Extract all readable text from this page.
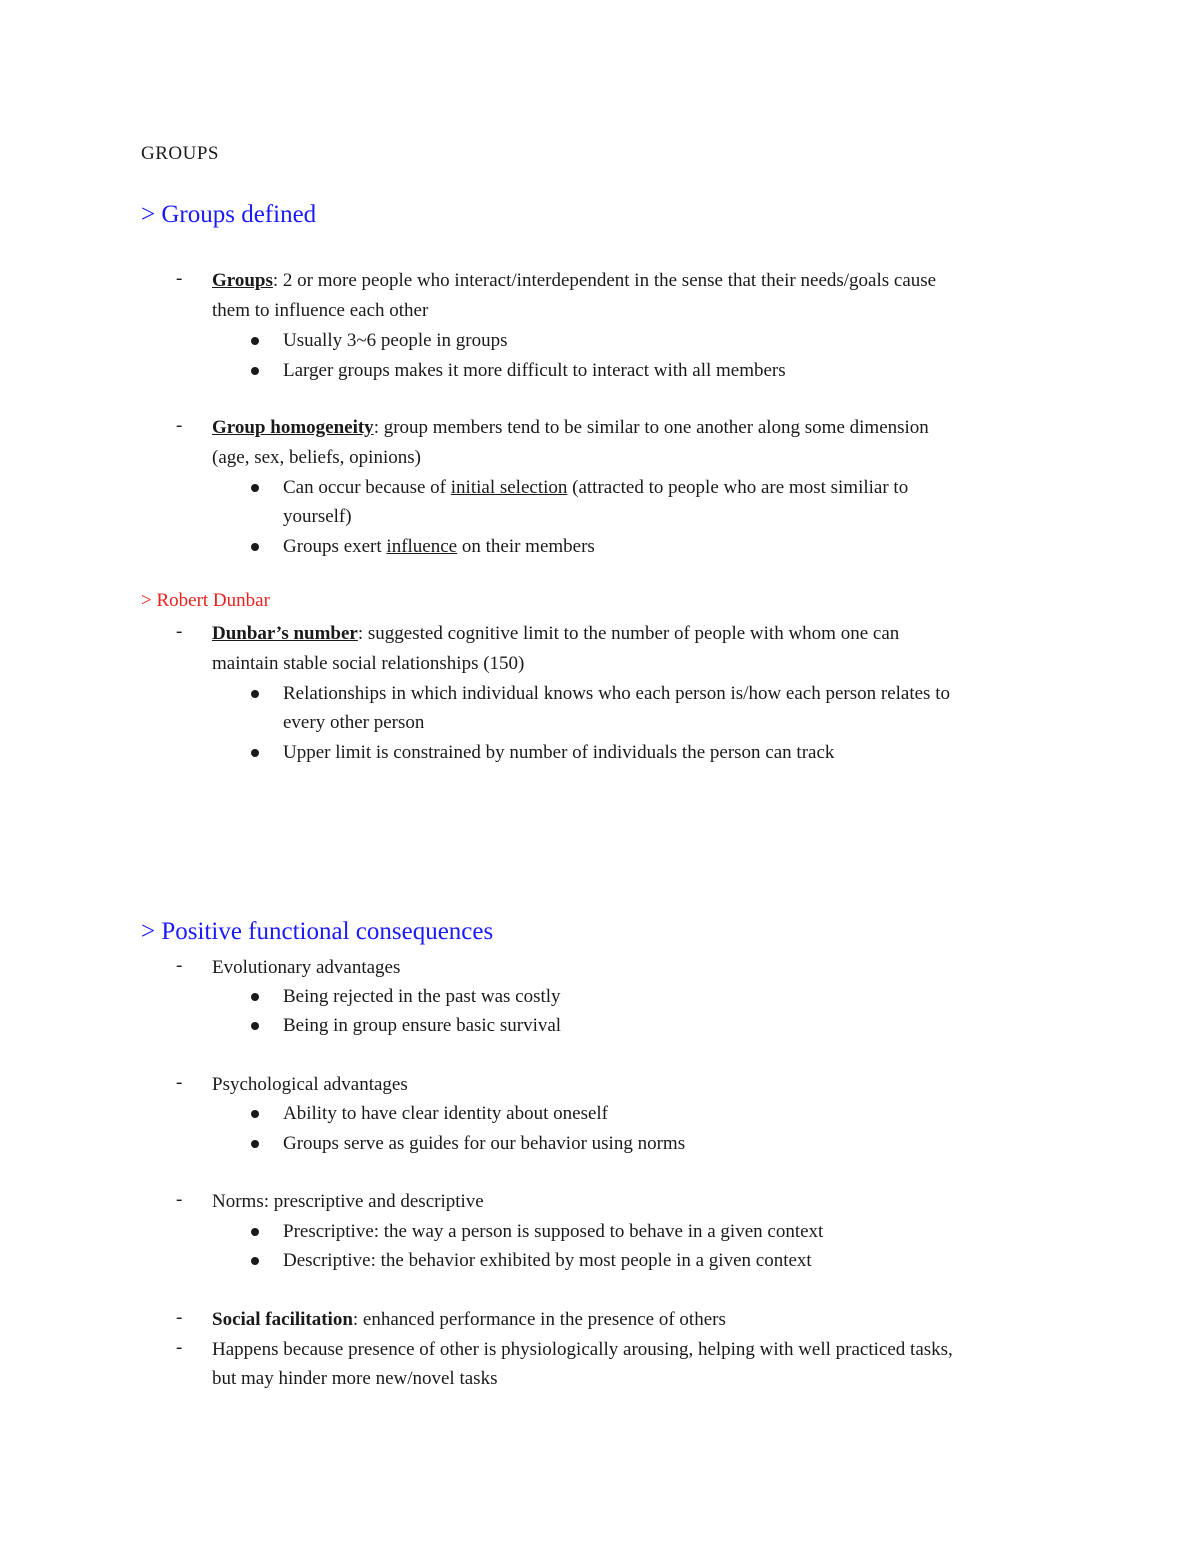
GROUPS
> Groups defined
- Groups: 2 or more people who interact/interdependent in the sense that their needs/goals cause
them to influence each other
Usually 3~6 people in groups
Larger groups makes it more difficult to interact with all members
- Group homogeneity: group members tend to be similar to one another along some dimension
(age, sex, beliefs, opinions)
Can occur because of initial selection (attracted to people who are most similiar to
yourself)
Groups exert influence on their members
> Robert Dunbar
- Dunbar’s number: suggested cognitive limit to the number of people with whom one can
maintain stable social relationships (150)
Relationships in which individual knows who each person is/how each person relates to
every other person
Upper limit is constrained by number of individuals the person can track
> Positive functional consequences
- Evolutionary advantages
Being rejected in the past was costly
Being in group ensure basic survival
- Psychological advantages
Ability to have clear identity about oneself
Groups serve as guides for our behavior using norms
- Norms: prescriptive and descriptive
Prescriptive: the way a person is supposed to behave in a given context
Descriptive: the behavior exhibited by most people in a given context
- Social facilitation: enhanced performance in the presence of others
- Happens because presence of other is physiologically arousing, helping with well practiced tasks,
but may hinder more new/novel tasks
